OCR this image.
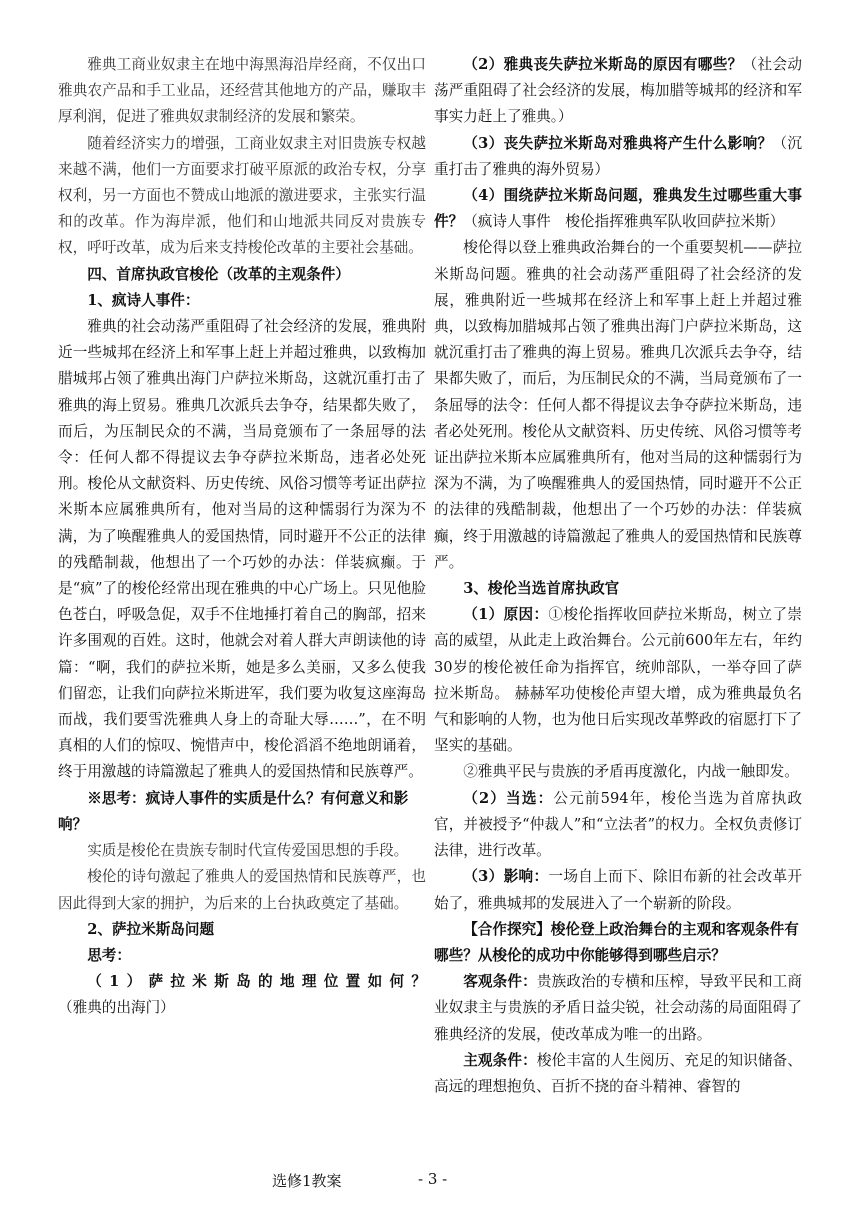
雅典工商业奴隶主在地中海黑海沿岸经商，不仅出口雅典农产品和手工业品，还经营其他地方的产品，赚取丰厚利润，促进了雅典奴隶制经济的发展和繁荣。

随着经济实力的增强，工商业奴隶主对旧贵族专权越来越不满，他们一方面要求打破平原派的政治专权，分享权利，另一方面也不赞成山地派的激进要求，主张实行温和的改革。作为海岸派，他们和山地派共同反对贵族专权，呼吁改革，成为后来支持梭伦改革的主要社会基础。

四、首席执政官梭伦（改革的主观条件）

1、疯诗人事件：

雅典的社会动荡严重阻碍了社会经济的发展，雅典附近一些城邦在经济上和军事上赶上并超过雅典，以致梅加腊城邦占领了雅典出海门户萨拉米斯岛，这就沉重打击了雅典的海上贸易。雅典几次派兵去争夺，结果都失败了，而后，为压制民众的不满，当局竟颁布了一条屈辱的法令：任何人都不得提议去争夺萨拉米斯岛，违者必处死刑。梭伦从文献资料、历史传统、风俗习惯等考证出萨拉米斯本应属雅典所有，他对当局的这种懦弱行为深为不满，为了唤醒雅典人的爱国热情，同时避开不公正的法律的残酷制裁，他想出了一个巧妙的办法：佯装疯癫。于是“疯”了的梭伦经常出现在雅典的中心广场上。只见他脸色苍白，呼吸急促，双手不住地捶打着自己的胸部，招来许多围观的百姓。这时，他就会对着人群大声朗读他的诗篇：“啊，我们的萨拉米斯，她是多么美丽，又多么使我们留恋，让我们向萨拉米斯进军，我们要为收复这座海岛而战，我们要雪洗雅典人身上的奇耻大辱……”，在不明真相的人们的惊叹、惋惜声中，梭伦滔滔不绝地朗诵着，终于用激越的诗篇激起了雅典人的爱国热情和民族尊严。

※思考：疯诗人事件的实质是什么？有何意义和影响？

实质是梭伦在贵族专制时代宣传爱国思想的手段。

梭伦的诗句激起了雅典人的爱国热情和民族尊严，也因此得到大家的拥护，为后来的上台执政奠定了基础。

2、萨拉米斯岛问题

思考：

（1）萨拉米斯岛的地理位置如何？（雅典的出海门）

（2）雅典丧失萨拉米斯岛的原因有哪些？（社会动荡严重阻碍了社会经济的发展，梅加腊等城邦的经济和军事实力赶上了雅典。）

（3）丧失萨拉米斯岛对雅典将产生什么影响？（沉重打击了雅典的海外贸易）

（4）围绕萨拉米斯岛问题，雅典发生过哪些重大事件？（疯诗人事件　梭伦指挥雅典军队收回萨拉米斯）

梭伦得以登上雅典政治舞台的一个重要契机——萨拉米斯岛问题。雅典的社会动荡严重阻碍了社会经济的发展，雅典附近一些城邦在经济上和军事上赶上并超过雅典，以致梅加腊城邦占领了雅典出海门户萨拉米斯岛，这就沉重打击了雅典的海上贸易。雅典几次派兵去争夺，结果都失败了，而后，为压制民众的不满，当局竟颁布了一条屈辱的法令：任何人都不得提议去争夺萨拉米斯岛，违者必处死刑。梭伦从文献资料、历史传统、风俗习惯等考证出萨拉米斯本应属雅典所有，他对当局的这种懦弱行为深为不满，为了唤醒雅典人的爱国热情，同时避开不公正的法律的残酷制裁，他想出了一个巧妙的办法：佯装疯癫，终于用激越的诗篇激起了雅典人的爱国热情和民族尊严。

3、梭伦当选首席执政官

（1）原因：①梭伦指挥收回萨拉米斯岛，树立了崇高的威望，从此走上政治舞台。公元前600年左右，年约30岁的梭伦被任命为指挥官，统帅部队，一举夺回了萨拉米斯岛。 赫赫军功使梭伦声望大增，成为雅典最负名气和影响的人物，也为他日后实现改革弊政的宿愿打下了坚实的基础。

②雅典平民与贵族的矛盾再度激化，内战一触即发。

（2）当选：公元前594年，梭伦当选为首席执政官，并被授予“仲裁人”和“立法者”的权力。全权负责修订法律，进行改革。

（3）影响：一场自上而下、除旧布新的社会改革开始了，雅典城邦的发展进入了一个崭新的阶段。

【合作探究】梭伦登上政治舞台的主观和客观条件有哪些？从梭伦的成功中你能够得到哪些启示？

客观条件：贵族政治的专横和压榨，导致平民和工商业奴隶主与贵族的矛盾日益尖锐，社会动荡的局面阻碍了雅典经济的发展，使改革成为唯一的出路。

主观条件：梭伦丰富的人生阅历、充足的知识储备、高远的理想抱负、百折不挠的奋斗精神、睿智的

选修1教案	- 3 -
